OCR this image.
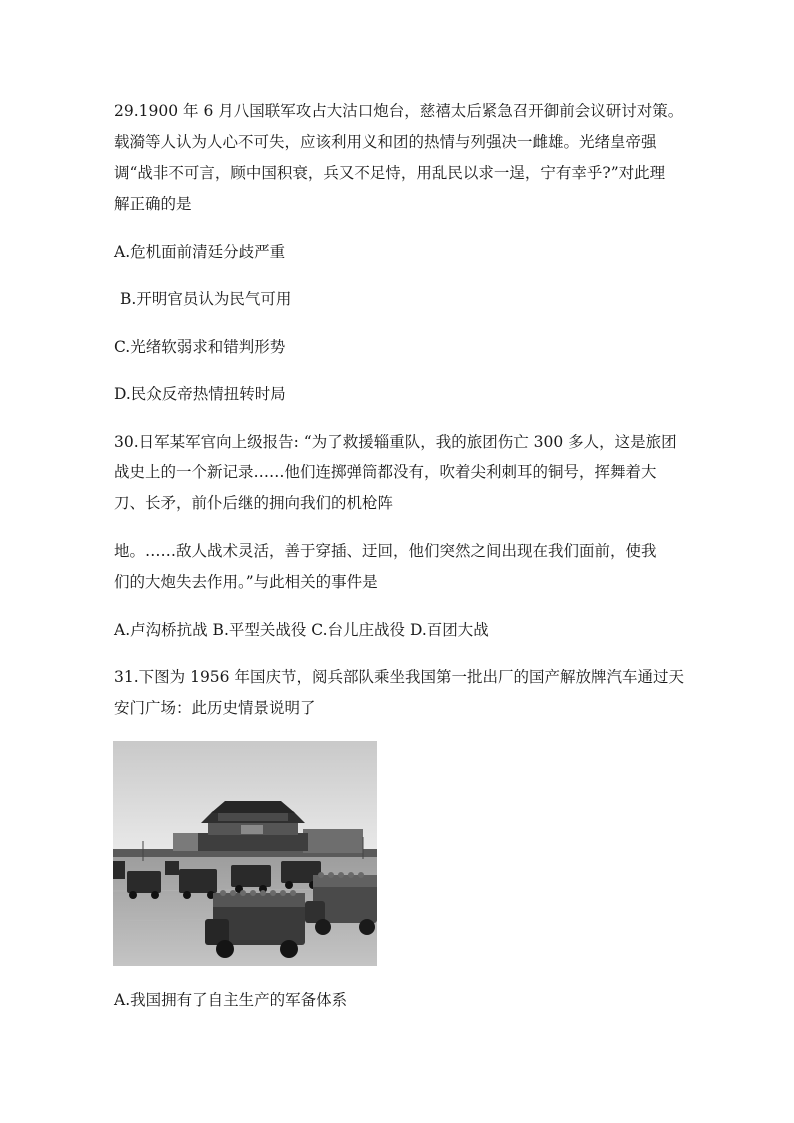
29.1900 年 6 月八国联军攻占大沽口炮台，慈禧太后紧急召开御前会议研讨对策。
载漪等人认为人心不可失，应该利用义和团的热情与列强决一雌雄。光绪皇帝强
调“战非不可言，顾中国积衰，兵又不足恃，用乱民以求一逞，宁有幸乎?”对此理
解正确的是
A.危机面前清廷分歧严重
B.开明官员认为民气可用
C.光绪软弱求和错判形势
D.民众反帝热情扭转时局
30.日军某军官向上级报告: “为了救援辎重队，我的旅团伤亡 300 多人，这是旅团
战史上的一个新记录……他们连掷弹筒都没有，吹着尖利刺耳的铜号，挥舞着大
刀、长矛，前仆后继的拥向我们的机枪阵
地。……敌人战术灵活，善于穿插、迂回，他们突然之间出现在我们面前，使我
们的大炮失去作用。”与此相关的事件是
A.卢沟桥抗战 B.平型关战役 C.台儿庄战役 D.百团大战
31.下图为 1956 年国庆节，阅兵部队乘坐我国第一批出厂的国产解放牌汽车通过天
安门广场：此历史情景说明了
A.我国拥有了自主生产的军备体系
